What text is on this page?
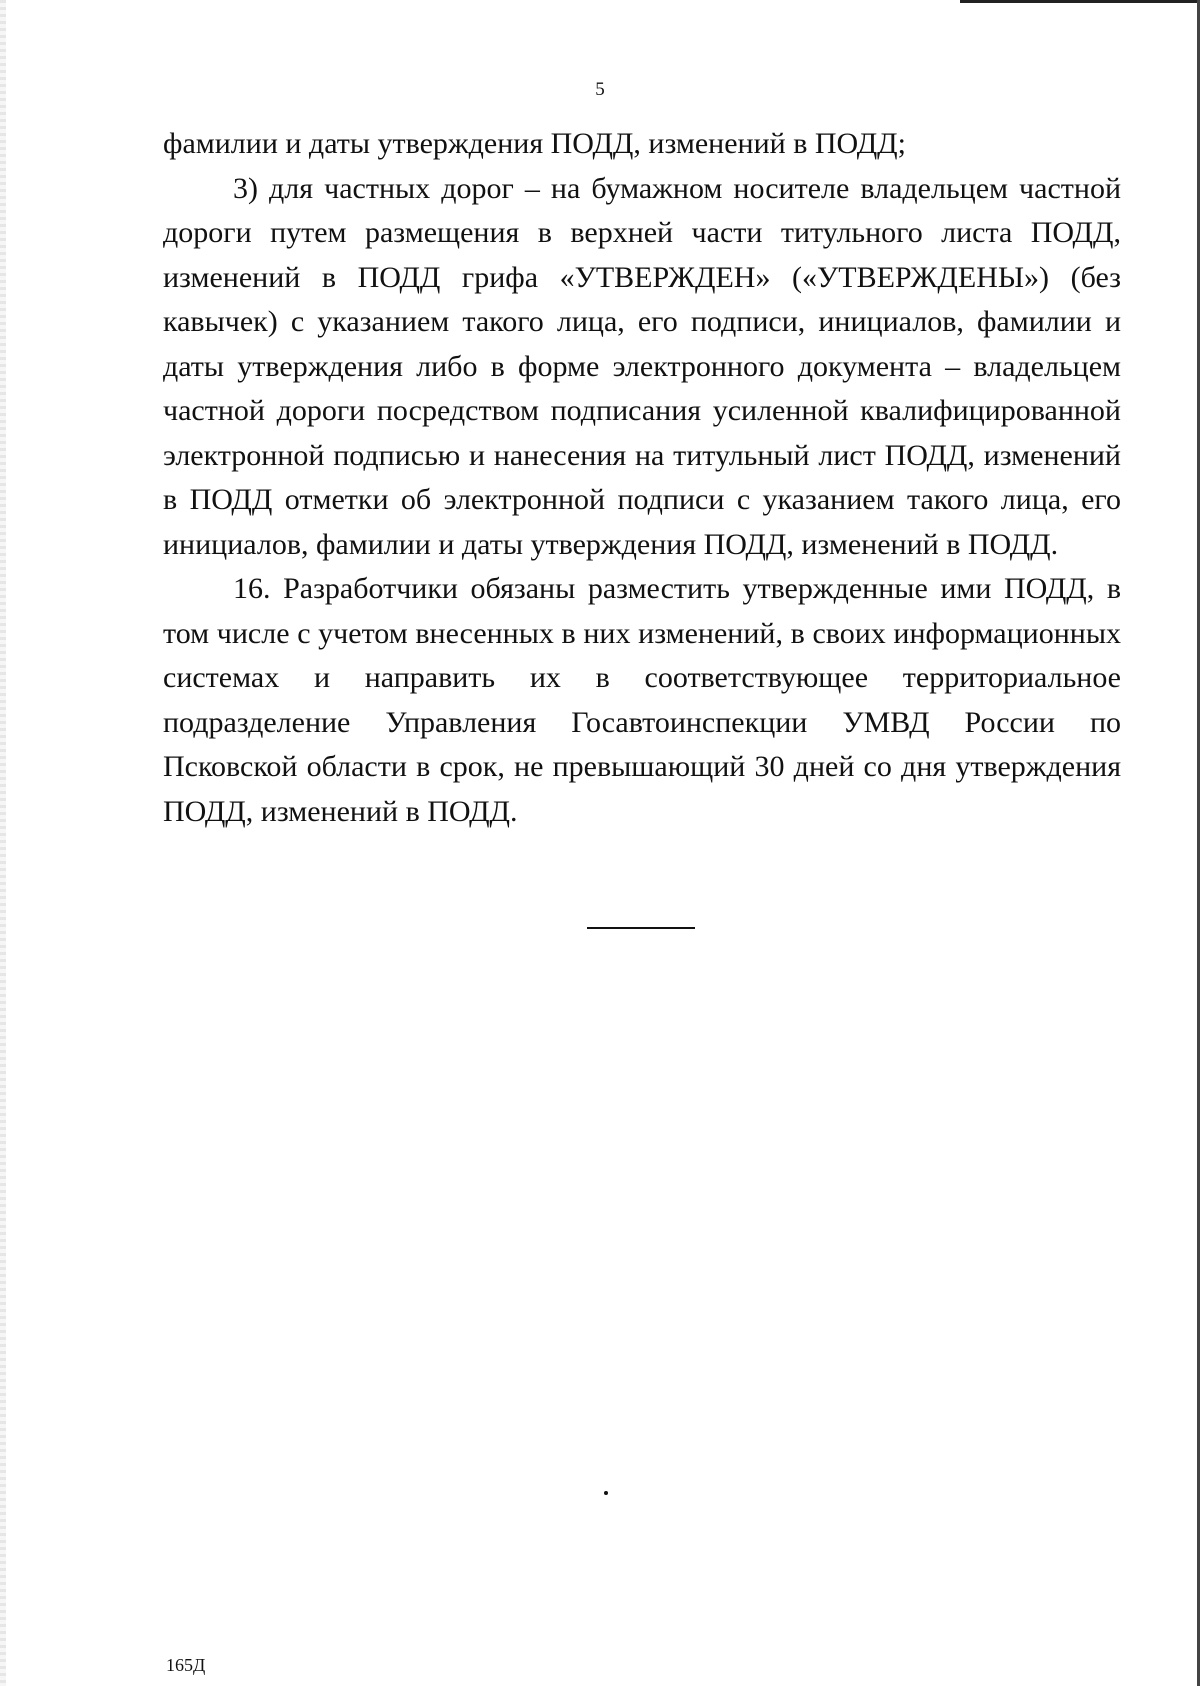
5

фамилии и даты утверждения ПОДД, изменений в ПОДД;

3) для частных дорог – на бумажном носителе владельцем частной дороги путем размещения в верхней части титульного листа ПОДД, изменений в ПОДД грифа «УТВЕРЖДЕН» («УТВЕРЖДЕНЫ») (без кавычек) с указанием такого лица, его подписи, инициалов, фамилии и даты утверждения либо в форме электронного документа – владельцем частной дороги посредством подписания усиленной квалифицированной электронной подписью и нанесения на титульный лист ПОДД, изменений в ПОДД отметки об электронной подписи с указанием такого лица, его инициалов, фамилии и даты утверждения ПОДД, изменений в ПОДД.

16. Разработчики обязаны разместить утвержденные ими ПОДД, в том числе с учетом внесенных в них изменений, в своих информационных системах и направить их в соответствующее территориальное подразделение Управления Госавтоинспекции УМВД России по Псковской области в срок, не превышающий 30 дней со дня утверждения ПОДД, изменений в ПОДД.

165Д
